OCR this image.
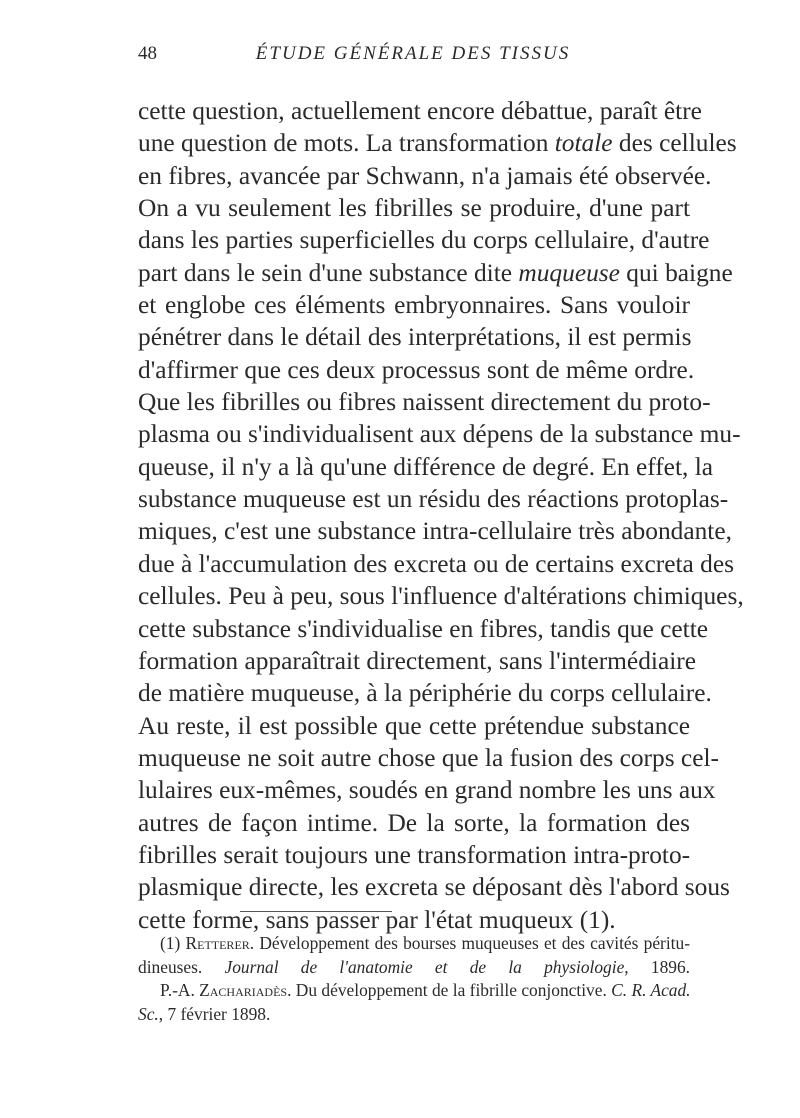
48	ÉTUDE GÉNÉRALE DES TISSUS
cette question, actuellement encore débattue, paraît être
une question de mots. La transformation totale des cellules
en fibres, avancée par Schwann, n'a jamais été observée.
On a vu seulement les fibrilles se produire, d'une part
dans les parties superficielles du corps cellulaire, d'autre
part dans le sein d'une substance dite muqueuse qui baigne
et englobe ces éléments embryonnaires. Sans vouloir
pénétrer dans le détail des interprétations, il est permis
d'affirmer que ces deux processus sont de même ordre.
Que les fibrilles ou fibres naissent directement du proto-
plasma ou s'individualisent aux dépens de la substance mu-
queuse, il n'y a là qu'une différence de degré. En effet, la
substance muqueuse est un résidu des réactions protoplas-
miques, c'est une substance intra-cellulaire très abondante,
due à l'accumulation des excreta ou de certains excreta des
cellules. Peu à peu, sous l'influence d'altérations chimiques,
cette substance s'individualise en fibres, tandis que cette
formation apparaîtrait directement, sans l'intermédiaire
de matière muqueuse, à la périphérie du corps cellulaire.
Au reste, il est possible que cette prétendue substance
muqueuse ne soit autre chose que la fusion des corps cel-
lulaires eux-mêmes, soudés en grand nombre les uns aux
autres de façon intime. De la sorte, la formation des
fibrilles serait toujours une transformation intra-proto-
plasmique directe, les excreta se déposant dès l'abord sous
cette forme, sans passer par l'état muqueux (1).
(1) Retterer. Développement des bourses muqueuses et des cavités péritu-
dineuses. Journal de l'anatomie et de la physiologie, 1896.
P.-A. Zachariadès. Du développement de la fibrille conjonctive. C. R. Acad.
Sc., 7 février 1898.
